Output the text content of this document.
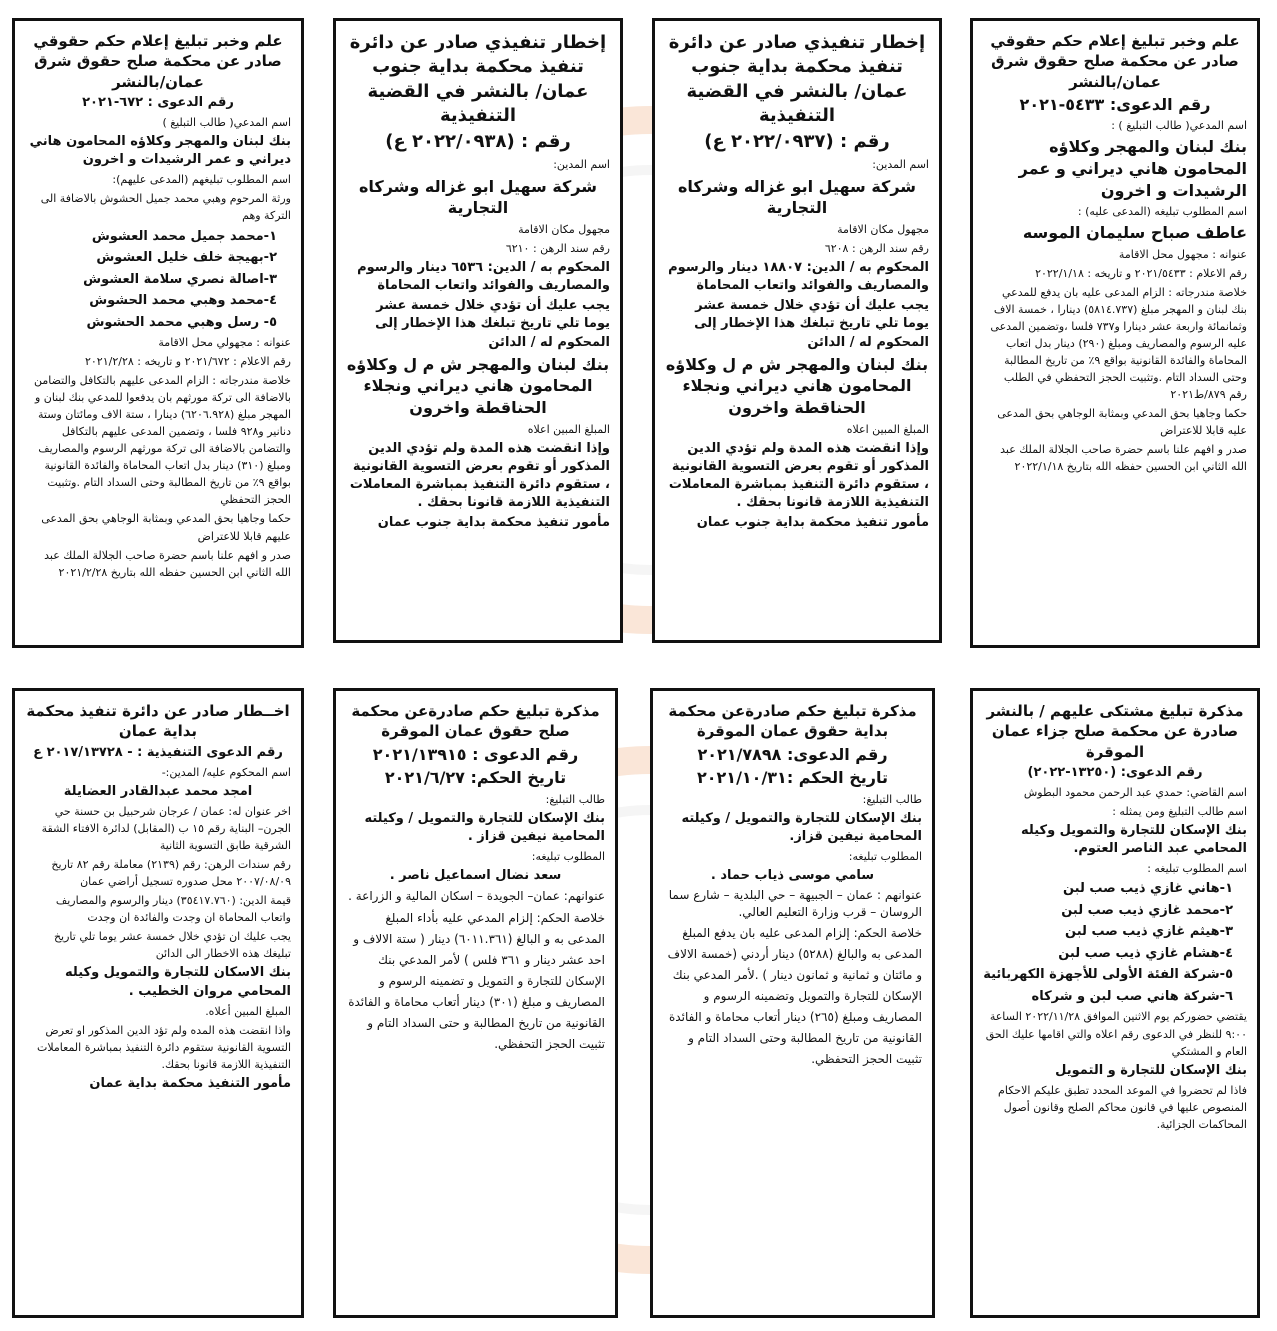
علم وخبر تبليغ إعلام حكم حقوقي صادر عن محكمة صلح حقوق شرق عمان/بالنشر

رقم الدعوى: ٥٤٣٣-٢٠٢١

اسم المدعي( طالب التبليغ ) :

بنك لبنان والمهجر وكلاؤه المحامون هاني ديراني و عمر الرشيدات و اخرون

اسم المطلوب تبليغه (المدعى عليه) :

عاطف صباح سليمان الموسه

عنوانه : مجهول محل الاقامة

رقم الاعلام : ٢٠٢١/٥٤٣٣ و تاريخه : ٢٠٢٢/١/١٨

خلاصة مندرجاته : الزام المدعى عليه بان يدفع للمدعي بنك لبنان و المهجر مبلغ (٥٨١٤.٧٣٧) دينارا ، خمسة الاف وثمانمائة واربعة عشر دينارا و٧٣٧ فلسا ،وتضمين المدعى عليه الرسوم والمصاريف ومبلغ (٢٩٠) دينار بدل اتعاب المحاماة والفائدة القانونية بواقع ٩٪ من تاريخ المطالبة وحتى السداد التام .وتثبيت الحجز التحفظي في الطلب رقم ٨٧٩/ط٢٠٢١

حكما وجاهيا بحق المدعي وبمثابة الوجاهي بحق المدعى عليه قابلا للاعتراض

صدر و افهم علنا باسم حضرة صاحب الجلالة الملك عبد الله الثاني ابن الحسين حفظه الله بتاريخ ٢٠٢٢/١/١٨

إخطار تنفيذي صادر عن دائرة تنفيذ محكمة بداية جنوب عمان/ بالنشر في القضية التنفيذية

رقم : (٢٠٢٢/٠٩٣٧ ع)

اسم المدين:

شركة سهيل ابو غزاله وشركاه التجارية

مجهول مكان الاقامة

رقم سند الرهن : ٦٢٠٨

المحكوم به / الدين: ١٨٨٠٧ دينار والرسوم والمصاريف والفوائد واتعاب المحاماة

يجب عليك أن تؤدي خلال خمسة عشر يوما تلي تاريخ تبلغك هذا الإخطار إلى المحكوم له / الدائن

بنك لبنان والمهجر ش م ل وكلاؤه المحامون هاني ديراني ونجلاء الحناقطة واخرون

المبلغ المبين اعلاه

وإذا انقضت هذه المدة ولم تؤدي الدين المذكور أو تقوم بعرض التسوية القانونية ، ستقوم دائرة التنفيذ بمباشرة المعاملات التنفيذية اللازمة قانونا بحقك .

مأمور تنفيذ محكمة بداية جنوب عمان

إخطار تنفيذي صادر عن دائرة تنفيذ محكمة بداية جنوب عمان/ بالنشر في القضية التنفيذية

رقم : (٢٠٢٢/٠٩٣٨ ع)

اسم المدين:

شركة سهيل ابو غزاله وشركاه التجارية

مجهول مكان الاقامة

رقم سند الرهن : ٦٢١٠

المحكوم به / الدين: ٦٥٣٦ دينار والرسوم والمصاريف والفوائد واتعاب المحاماة

يجب عليك أن تؤدي خلال خمسة عشر يوما تلي تاريخ تبلغك هذا الإخطار إلى المحكوم له / الدائن

بنك لبنان والمهجر ش م ل وكلاؤه المحامون هاني ديراني ونجلاء الحناقطة واخرون

المبلغ المبين اعلاه

وإذا انقضت هذه المدة ولم تؤدي الدين المذكور أو تقوم بعرض التسوية القانونية ، ستقوم دائرة التنفيذ بمباشرة المعاملات التنفيذية اللازمة قانونا بحقك .

مأمور تنفيذ محكمة بداية جنوب عمان

علم وخبر تبليغ إعلام حكم حقوقي صادر عن محكمة صلح حقوق شرق عمان/بالنشر

رقم الدعوى : ٦٧٢-٢٠٢١

اسم المدعي( طالب التبليغ )

بنك لبنان والمهجر وكلاؤه المحامون هاني ديراني و عمر الرشيدات و اخرون

اسم المطلوب تبليغهم (المدعى عليهم):

ورثة المرحوم وهبي محمد جميل الحشوش بالاضافة الى التركة وهم

١-محمد جميل محمد العشوش

٢-بهيجة خلف خليل العشوش

٣-اصالة نصري سلامة العشوش

٤-محمد وهبي محمد الحشوش

٥- رسل وهبي محمد الحشوش

عنوانه : مجهولي محل الاقامة

رقم الاعلام : ٢٠٢١/٦٧٢ و تاريخه : ٢٠٢١/٢/٢٨

خلاصة مندرجاته : الزام المدعى عليهم بالتكافل والتضامن بالاضافة الى تركة مورثهم بان يدفعوا للمدعي بنك لبنان و المهجر مبلغ (٦٢٠٦.٩٢٨) دينارا ، ستة الاف ومائتان وستة دنانير و٩٢٨ فلسا ، وتضمين المدعى عليهم بالتكافل والتضامن بالاضافة الى تركة مورثهم الرسوم والمصاريف ومبلغ (٣١٠) دينار بدل اتعاب المحاماة والفائدة القانونية بواقع ٩٪ من تاريخ المطالبة وحتى السداد التام .وتثبيت الحجز التحفظي

حكما وجاهيا بحق المدعي وبمثابة الوجاهي بحق المدعى عليهم قابلا للاعتراض

صدر و افهم علنا باسم حضرة صاحب الجلالة الملك عبد الله الثاني ابن الحسين حفظه الله بتاريخ ٢٠٢١/٢/٢٨

مذكرة تبليغ مشتكى عليهم / بالنشر صادرة عن محكمة صلح جزاء عمان الموقرة

رقم الدعوى: (١٣٢٥٠-٢٠٢٢)

اسم القاضي: حمدي عبد الرحمن محمود البطوش

اسم طالب التبليغ ومن يمثله :

بنك الإسكان للتجارة والتمويل وكيله المحامي عبد الناصر العتوم.

اسم المطلوب تبليغه :

١-هاني غازي ذيب صب لبن

٢-محمد غازي ذيب صب لبن

٣-هيثم غازي ذيب صب لبن

٤-هشام غازي ذيب صب لبن

٥-شركة الفئة الأولى للأجهزة الكهربائية

٦-شركة هاني صب لبن و شركاه

يقتضي حضوركم يوم الاثنين الموافق ٢٠٢٢/١١/٢٨ الساعة ٩:٠٠ للنظر في الدعوى رقم اعلاه والتي اقامها عليك الحق العام و المشتكي

بنك الإسكان للتجارة و التمويل

فاذا لم تحضروا في الموعد المحدد تطبق عليكم الاحكام المنصوص عليها في قانون محاكم الصلح وقانون أصول المحاكمات الجزائية.

مذكرة تبليغ حكم صادرةعن محكمة بداية حقوق عمان الموقرة

رقم الدعوى: ٢٠٢١/٧٨٩٨

تاريخ الحكم :٢٠٢١/١٠/٣١

طالب التبليغ:

بنك الإسكان للتجارة والتمويل / وكيلته المحامية نيفين قزاز.

المطلوب تبليغه:

سامي موسى ذياب حماد .

عنوانهم : عمان – الجبيهة – حي البلدية – شارع سما الروسان – قرب وزارة التعليم العالي.

خلاصة الحكم: إلزام المدعى عليه بان يدفع المبلغ المدعى به والبالغ (٥٢٨٨) دينار أردني (خمسة الالاف و مائتان و ثمانية و ثمانون دينار ) .لأمر المدعي بنك الإسكان للتجارة والتمويل وتضمينه الرسوم و المصاريف ومبلغ (٢٦٥) دينار أتعاب محاماة و الفائدة القانونية من تاريخ المطالبة وحتى السداد التام و تثبيت الحجز التحفظي.

مذكرة تبليغ حكم صادرةعن محكمة صلح حقوق عمان الموقرة

رقم الدعوى : ٢٠٢١/١٣٩١٥

تاريخ الحكم: ٢٠٢١/٦/٢٧

طالب التبليغ:

بنك الإسكان للتجارة والتمويل / وكيلته المحامية نيفين قزاز .

المطلوب تبليغه:

سعد نضال اسماعيل ناصر .

عنوانهم: عمان– الجويدة – اسكان المالية و الزراعة .

خلاصة الحكم: إلزام المدعي عليه بأداء المبلغ المدعى به و البالغ (٦٠١١.٣٦١) دينار ( ستة الالاف و احد عشر دينار و ٣٦١ فلس ) لأمر المدعي بنك الإسكان للتجارة و التمويل و تضمينه الرسوم و المصاريف و مبلغ (٣٠١) دينار أتعاب محاماة و الفائدة القانونية من تاريخ المطالبة و حتى السداد التام و تثبيت الحجز التحفظي.

اخــطار صادر عن دائرة تنفيذ محكمة بداية عمان

رقم الدعوى التنفيذية : - ٢٠١٧/١٣٧٢٨ ع

اسم المحكوم عليه/ المدين:-

امجد محمد عبدالقادر العضايلة

اخر عنوان له: عمان / عرجان شرحبيل بن حسنة حي الجرن– البناية رقم ١٥ ب (المقابل) لدائرة الافتاء الشقة الشرقية طابق التسوية الثانية

رقم سندات الرهن: رقم (٢١٣٩) معاملة رقم ٨٢ تاريخ ٢٠٠٧/٠٨/٠٩ محل صدوره تسجيل أراضي عمان

قيمة الدين: (٣٥٤١٧.٧٦٠) دينار والرسوم والمصاريف واتعاب المحاماة ان وجدت والفائدة ان وجدت

يجب عليك ان تؤدي خلال خمسة عشر يوما تلي تاريخ تبليغك هذه الاخطار الى الدائن

بنك الاسكان للتجارة والتمويل وكيله المحامي مروان الخطيب .

المبلغ المبين أعلاه.

واذا انقضت هذه المده ولم تؤد الدين المذكور او تعرض التسوية القانونية ستقوم دائرة التنفيذ بمباشرة المعاملات التنفيذية اللازمة قانونا بحقك.

مأمور التنفيذ محكمة بداية عمان
